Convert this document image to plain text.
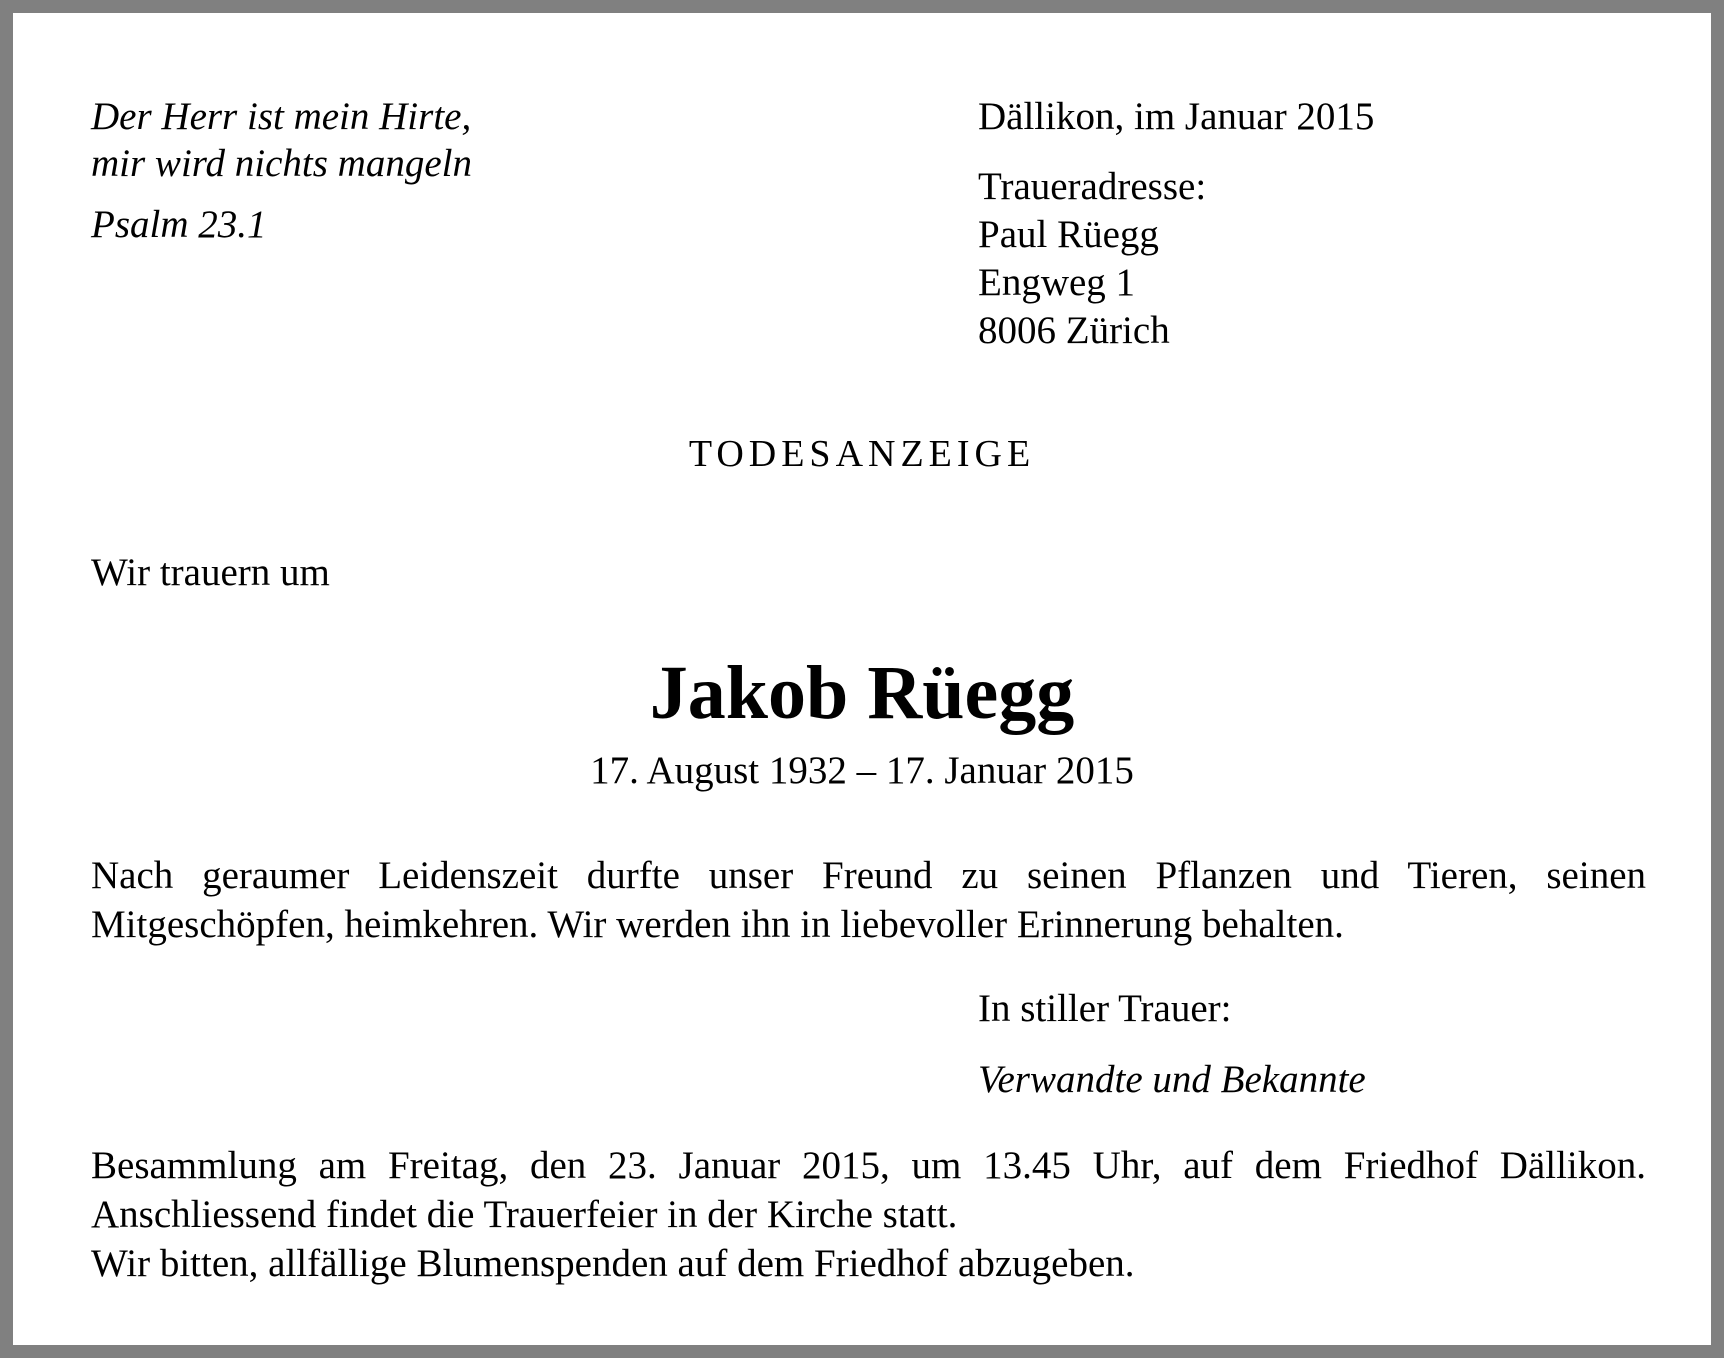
Der Herr ist mein Hirte,
mir wird nichts mangeln
Psalm 23.1
Dällikon, im Januar 2015
Traueradresse:
Paul Rüegg
Engweg 1
8006 Zürich
TODESANZEIGE
Wir trauern um
Jakob Rüegg
17. August 1932 – 17. Januar 2015

Nach geraumer Leidenszeit durfte unser Freund zu seinen Pflanzen und Tieren, seinen Mitgeschöpfen, heimkehren. Wir werden ihn in liebevoller Erinnerung behalten.

In stiller Trauer:
Verwandte und Bekannte
Besammlung am Freitag, den 23. Januar 2015, um 13.45 Uhr, auf dem Friedhof Dällikon.
Anschliessend findet die Trauerfeier in der Kirche statt.
Wir bitten, allfällige Blumenspenden auf dem Friedhof abzugeben.
